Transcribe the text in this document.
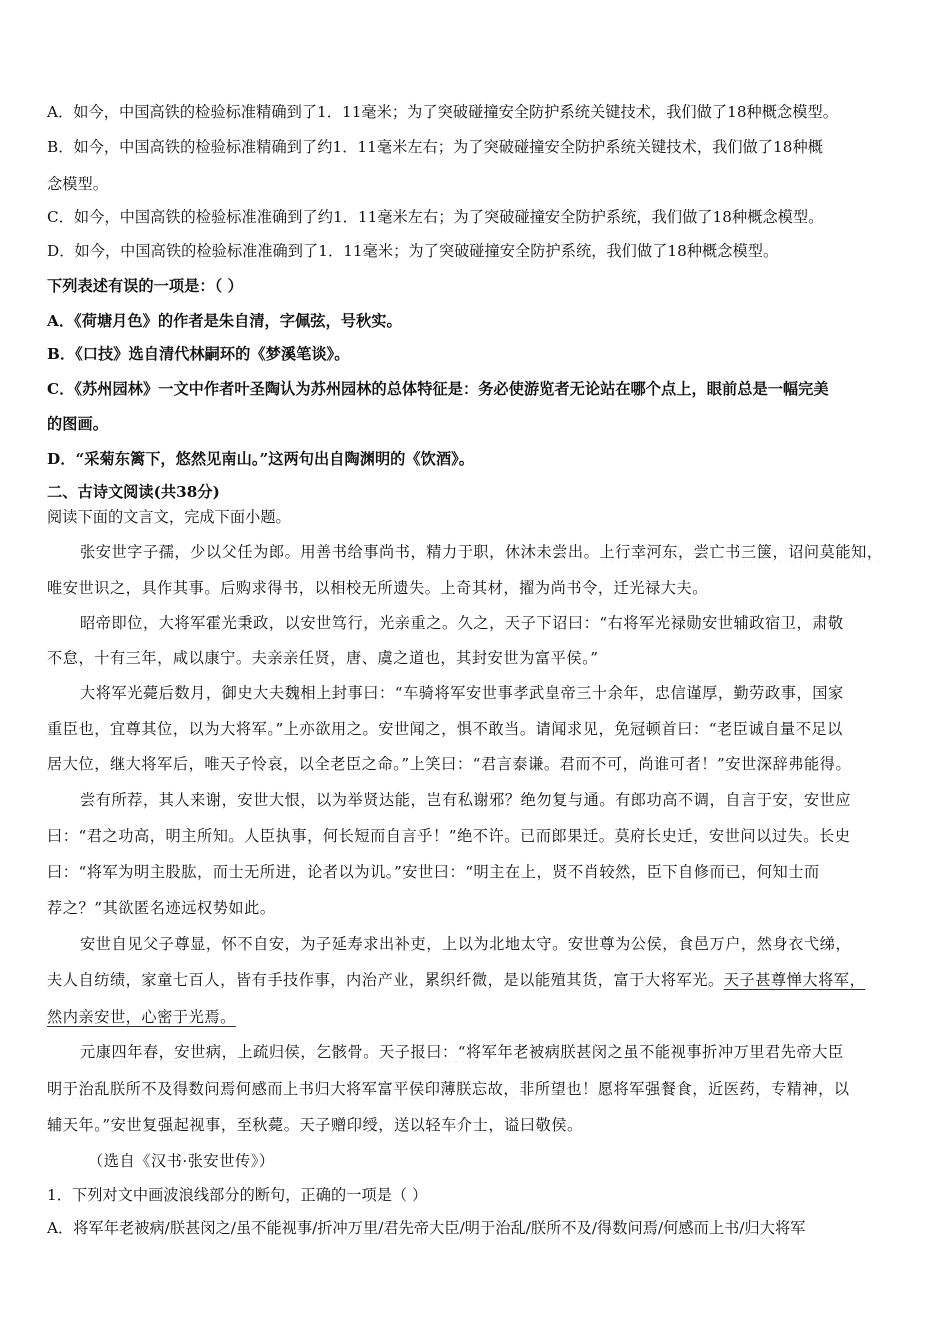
A．如今，中国高铁的检验标准精确到了1．11毫米；为了突破碰撞安全防护系统关键技术，我们做了18种概念模型。
B．如今，中国高铁的检验标准精确到了约1．11毫米左右；为了突破碰撞安全防护系统关键技术，我们做了18种概
念模型。
C．如今，中国高铁的检验标准准确到了约1．11毫米左右；为了突破碰撞安全防护系统，我们做了18种概念模型。
D．如今，中国高铁的检验标准准确到了1．11毫米；为了突破碰撞安全防护系统，我们做了18种概念模型。
下列表述有误的一项是：（ ）
A．《荷塘月色》的作者是朱自清，字佩弦，号秋实。
B．《口技》选自清代林嗣环的《梦溪笔谈》。
C．《苏州园林》一文中作者叶圣陶认为苏州园林的总体特征是：务必使游览者无论站在哪个点上，眼前总是一幅完美
的图画。
D．“采菊东篱下，悠然见南山。”这两句出自陶渊明的《饮酒》。
二、古诗文阅读(共38分)
阅读下面的文言文，完成下面小题。
张安世字子孺，少以父任为郎。用善书给事尚书，精力于职，休沐未尝出。上行幸河东，尝亡书三箧，诏问莫能知，
唯安世识之，具作其事。后购求得书，以相校无所遗失。上奇其材，擢为尚书令，迁光禄大夫。
昭帝即位，大将军霍光秉政，以安世笃行，光亲重之。久之，天子下诏曰：“右将军光禄勋安世辅政宿卫，肃敬
不怠，十有三年，咸以康宁。夫亲亲任贤，唐、虞之道也，其封安世为富平侯。”
大将军光薨后数月，御史大夫魏相上封事曰：“车骑将军安世事孝武皇帝三十余年，忠信谨厚，勤劳政事，国家
重臣也，宜尊其位，以为大将军。”上亦欲用之。安世闻之，惧不敢当。请闻求见，免冠顿首曰：“老臣诚自量不足以
居大位，继大将军后，唯天子怜哀，以全老臣之命。”上笑曰：“君言泰谦。君而不可，尚谁可者！”安世深辞弗能得。
尝有所荐，其人来谢，安世大恨，以为举贤达能，岂有私谢邪？绝勿复与通。有郎功高不调，自言于安，安世应
曰：“君之功高，明主所知。人臣执事，何长短而自言乎！”绝不许。已而郎果迁。莫府长史迁，安世问以过失。长史
曰：“将军为明主股肱，而士无所进，论者以为讥。”安世曰：“明主在上，贤不肖较然，臣下自修而已，何知士而
荐之？”其欲匿名迹远权势如此。
安世自见父子尊显，怀不自安，为子延寿求出补吏，上以为北地太守。安世尊为公侯，食邑万户，然身衣弋绨，
夫人自纺绩，家童七百人，皆有手技作事，内治产业，累织纤微，是以能殖其货，富于大将军光。天子甚尊惮大将军，
然内亲安世，心密于光焉。
元康四年春，安世病，上疏归侯，乞骸骨。天子报曰：“将军年老被病朕甚闵之虽不能视事折冲万里君先帝大臣
明于治乱朕所不及得数问焉何感而上书归大将军富平侯印薄朕忘故，非所望也！愿将军强餐食，近医药，专精神，以
辅天年。”安世复强起视事，至秋薨。天子赠印绶，送以轻车介士，谥曰敬侯。
（选自《汉书·张安世传》）
1．下列对文中画波浪线部分的断句，正确的一项是（ ）
A．将军年老被病/朕甚闵之/虽不能视事/折冲万里/君先帝大臣/明于治乱/朕所不及/得数问焉/何感而上书/归大将军
